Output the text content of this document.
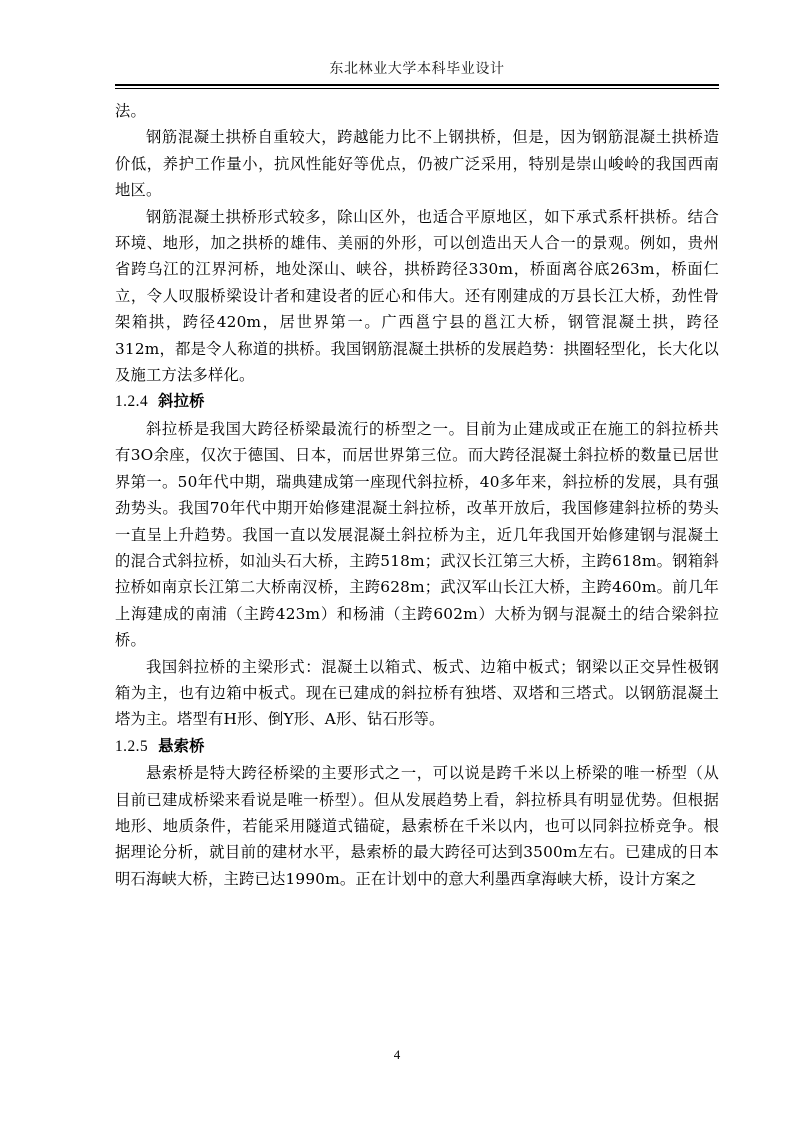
东北林业大学本科毕业设计

法。

钢筋混凝土拱桥自重较大，跨越能力比不上钢拱桥，但是，因为钢筋混凝土拱桥造价低，养护工作量小，抗风性能好等优点，仍被广泛采用，特别是崇山峻岭的我国西南地区。

钢筋混凝土拱桥形式较多，除山区外，也适合平原地区，如下承式系杆拱桥。结合环境、地形，加之拱桥的雄伟、美丽的外形，可以创造出天人合一的景观。例如，贵州省跨乌江的江界河桥，地处深山、峡谷，拱桥跨径330m，桥面离谷底263m，桥面仁立，令人叹服桥梁设计者和建设者的匠心和伟大。还有刚建成的万县长江大桥，劲性骨架箱拱，跨径420m，居世界第一。广西邕宁县的邕江大桥，钢管混凝土拱，跨径312m，都是令人称道的拱桥。我国钢筋混凝土拱桥的发展趋势：拱圈轻型化，长大化以及施工方法多样化。

1.2.4 斜拉桥

斜拉桥是我国大跨径桥梁最流行的桥型之一。目前为止建成或正在施工的斜拉桥共有3O余座，仅次于德国、日本，而居世界第三位。而大跨径混凝土斜拉桥的数量已居世界第一。50年代中期，瑞典建成第一座现代斜拉桥，40多年来，斜拉桥的发展，具有强劲势头。我国70年代中期开始修建混凝土斜拉桥，改革开放后，我国修建斜拉桥的势头一直呈上升趋势。我国一直以发展混凝土斜拉桥为主，近几年我国开始修建钢与混凝土的混合式斜拉桥，如汕头石大桥，主跨518m；武汉长江第三大桥，主跨618m。钢箱斜拉桥如南京长江第二大桥南汊桥，主跨628m；武汉军山长江大桥，主跨460m。前几年上海建成的南浦（主跨423m）和杨浦（主跨602m）大桥为钢与混凝土的结合梁斜拉桥。

我国斜拉桥的主梁形式：混凝土以箱式、板式、边箱中板式；钢梁以正交异性极钢箱为主，也有边箱中板式。现在已建成的斜拉桥有独塔、双塔和三塔式。以钢筋混凝土塔为主。塔型有H形、倒Y形、A形、钻石形等。

1.2.5 悬索桥

悬索桥是特大跨径桥梁的主要形式之一，可以说是跨千米以上桥梁的唯一桥型（从目前已建成桥梁来看说是唯一桥型）。但从发展趋势上看，斜拉桥具有明显优势。但根据地形、地质条件，若能采用隧道式锚碇，悬索桥在千米以内，也可以同斜拉桥竞争。根据理论分析，就目前的建材水平，悬索桥的最大跨径可达到3500m左右。已建成的日本明石海峡大桥，主跨已达1990m。正在计划中的意大利墨西拿海峡大桥，设计方案之

4
